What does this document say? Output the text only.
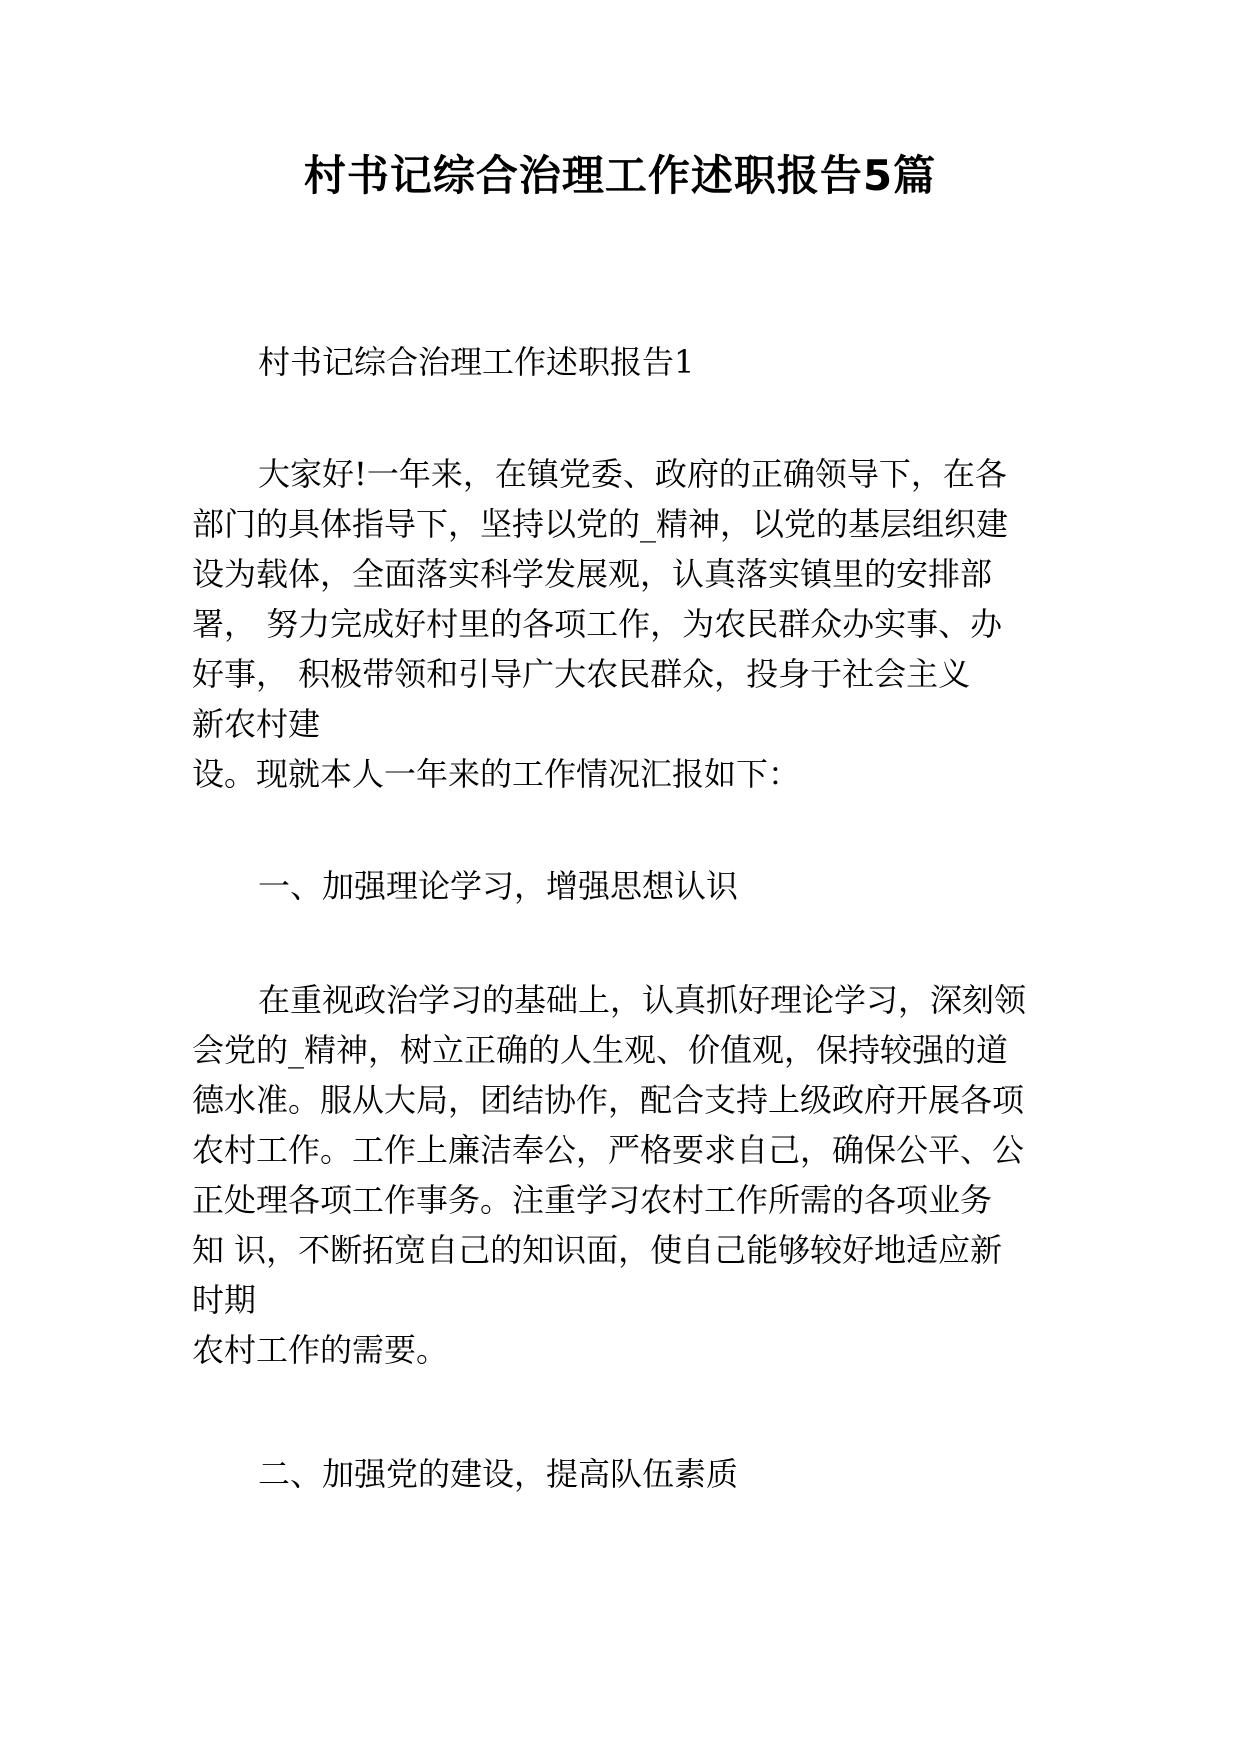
村书记综合治理工作述职报告5篇
村书记综合治理工作述职报告1
大家好!一年来，在镇党委、政府的正确领导下，在各
部门的具体指导下，坚持以党的_精神，以党的基层组织建
设为载体，全面落实科学发展观，认真落实镇里的安排部
署， 努力完成好村里的各项工作，为农民群众办实事、办
好事， 积极带领和引导广大农民群众，投身于社会主义
新农村建
设。现就本人一年来的工作情况汇报如下：
一、加强理论学习，增强思想认识
在重视政治学习的基础上，认真抓好理论学习，深刻领
会党的_精神，树立正确的人生观、价值观，保持较强的道
德水准。服从大局，团结协作，配合支持上级政府开展各项
农村工作。工作上廉洁奉公，严格要求自己，确保公平、公
正处理各项工作事务。注重学习农村工作所需的各项业务
知 识，不断拓宽自己的知识面，使自己能够较好地适应新
时期
农村工作的需要。
二、加强党的建设，提高队伍素质
